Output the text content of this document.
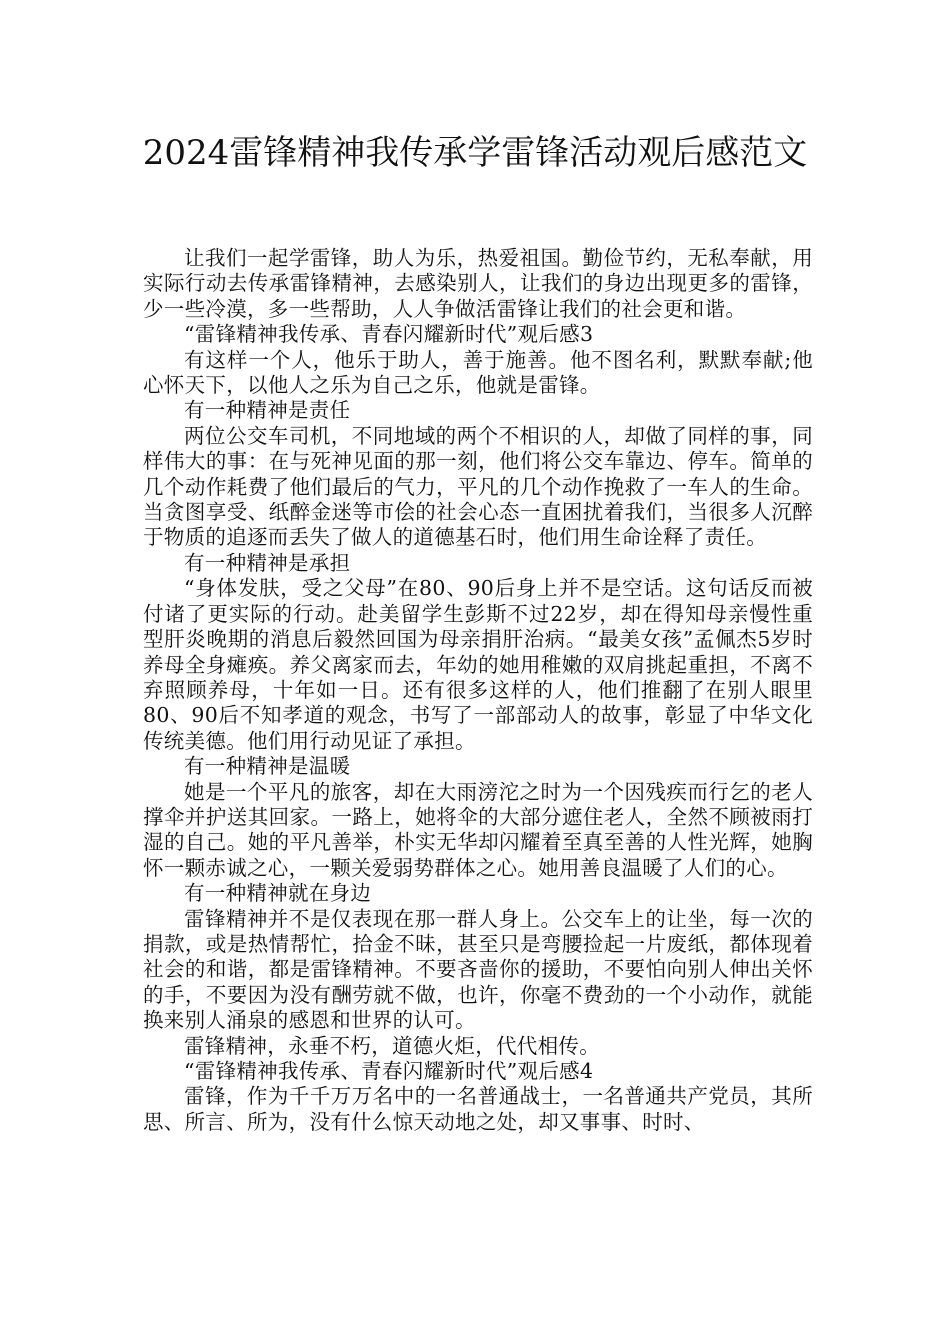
2024雷锋精神我传承学雷锋活动观后感范文

让我们一起学雷锋，助人为乐，热爱祖国。勤俭节约，无私奉献，用实际行动去传承雷锋精神，去感染别人，让我们的身边出现更多的雷锋，少一些冷漠，多一些帮助，人人争做活雷锋让我们的社会更和谐。

“雷锋精神我传承、青春闪耀新时代”观后感3

有这样一个人，他乐于助人，善于施善。他不图名利，默默奉献;他心怀天下，以他人之乐为自己之乐，他就是雷锋。

有一种精神是责任

两位公交车司机，不同地域的两个不相识的人，却做了同样的事，同样伟大的事：在与死神见面的那一刻，他们将公交车靠边、停车。简单的几个动作耗费了他们最后的气力，平凡的几个动作挽救了一车人的生命。当贪图享受、纸醉金迷等市侩的社会心态一直困扰着我们，当很多人沉醉于物质的追逐而丢失了做人的道德基石时，他们用生命诠释了责任。

有一种精神是承担

“身体发肤，受之父母”在80、90后身上并不是空话。这句话反而被付诸了更实际的行动。赴美留学生彭斯不过22岁，却在得知母亲慢性重型肝炎晚期的消息后毅然回国为母亲捐肝治病。“最美女孩”孟佩杰5岁时养母全身瘫痪。养父离家而去，年幼的她用稚嫩的双肩挑起重担，不离不弃照顾养母，十年如一日。还有很多这样的人，他们推翻了在别人眼里80、90后不知孝道的观念，书写了一部部动人的故事，彰显了中华文化传统美德。他们用行动见证了承担。

有一种精神是温暖

她是一个平凡的旅客，却在大雨滂沱之时为一个因残疾而行乞的老人撑伞并护送其回家。一路上，她将伞的大部分遮住老人，全然不顾被雨打湿的自己。她的平凡善举，朴实无华却闪耀着至真至善的人性光辉，她胸怀一颗赤诚之心，一颗关爱弱势群体之心。她用善良温暖了人们的心。

有一种精神就在身边

雷锋精神并不是仅表现在那一群人身上。公交车上的让坐，每一次的捐款，或是热情帮忙，拾金不昧，甚至只是弯腰捡起一片废纸，都体现着社会的和谐，都是雷锋精神。不要吝啬你的援助，不要怕向别人伸出关怀的手，不要因为没有酬劳就不做，也许，你毫不费劲的一个小动作，就能换来别人涌泉的感恩和世界的认可。

雷锋精神，永垂不朽，道德火炬，代代相传。

“雷锋精神我传承、青春闪耀新时代”观后感4

雷锋，作为千千万万名中的一名普通战士，一名普通共产党员，其所思、所言、所为，没有什么惊天动地之处，却又事事、时时、
